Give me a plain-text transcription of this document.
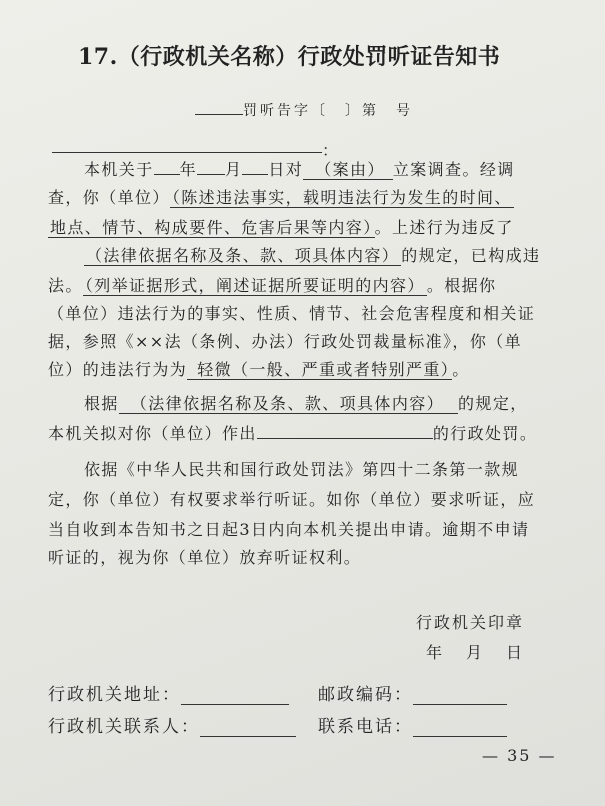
17.（行政机关名称）行政处罚听证告知书
罚听告字〔　〕第　号
：
本机关于 年 月 日对 （案由） 立案调查。经调
查，你（单位） （陈述违法事实，载明违法行为发生的时间、
地点、情节、构成要件、危害后果等内容） 。上述行为违反了
（法律依据名称及条、款、项具体内容） 的规定，已构成违
法。 （列举证据形式，阐述证据所要证明的内容） 。根据你
（单位）违法行为的事实、性质、情节、社会危害程度和相关证
据，参照《××法（条例、办法）行政处罚裁量标准》，你（单
位）的违法行为为 轻微（一般、严重或者特别严重） 。
根据 （法律依据名称及条、款、项具体内容） 的规定，
本机关拟对你（单位）作出	的行政处罚。
依据《中华人民共和国行政处罚法》第四十二条第一款规
定，你（单位）有权要求举行听证。如你（单位）要求听证，应
当自收到本告知书之日起3日内向本机关提出申请。逾期不申请
听证的，视为你（单位）放弃听证权利。
行政机关印章
年　月　日
行政机关地址：	邮政编码：
行政机关联系人：	联系电话：
— 35 —
